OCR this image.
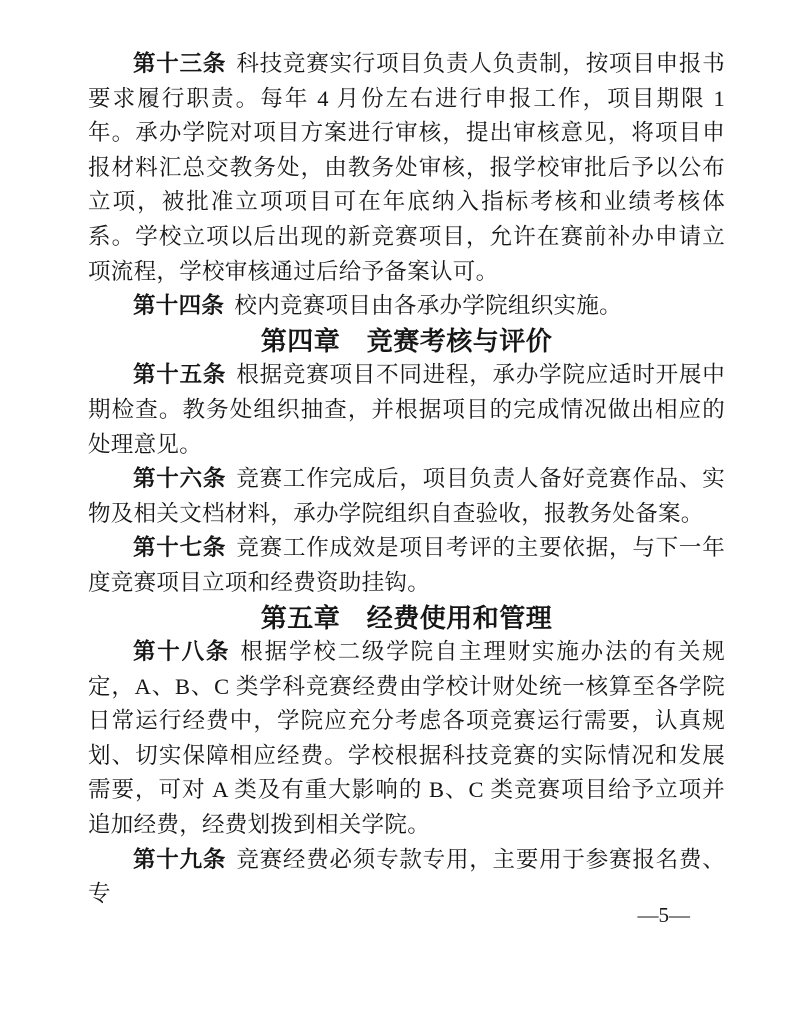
第十三条 科技竞赛实行项目负责人负责制，按项目申报书要求履行职责。每年 4 月份左右进行申报工作，项目期限 1 年。承办学院对项目方案进行审核，提出审核意见，将项目申报材料汇总交教务处，由教务处审核，报学校审批后予以公布立项，被批准立项项目可在年底纳入指标考核和业绩考核体系。学校立项以后出现的新竞赛项目，允许在赛前补办申请立项流程，学校审核通过后给予备案认可。

第十四条 校内竞赛项目由各承办学院组织实施。

第四章　竞赛考核与评价

第十五条 根据竞赛项目不同进程，承办学院应适时开展中期检查。教务处组织抽查，并根据项目的完成情况做出相应的处理意见。

第十六条 竞赛工作完成后，项目负责人备好竞赛作品、实物及相关文档材料，承办学院组织自查验收，报教务处备案。

第十七条 竞赛工作成效是项目考评的主要依据，与下一年度竞赛项目立项和经费资助挂钩。

第五章　经费使用和管理

第十八条 根据学校二级学院自主理财实施办法的有关规定，A、B、C 类学科竞赛经费由学校计财处统一核算至各学院日常运行经费中，学院应充分考虑各项竞赛运行需要，认真规划、切实保障相应经费。学校根据科技竞赛的实际情况和发展需要，可对 A 类及有重大影响的 B、C 类竞赛项目给予立项并追加经费，经费划拨到相关学院。

第十九条 竞赛经费必须专款专用，主要用于参赛报名费、专

—5—
